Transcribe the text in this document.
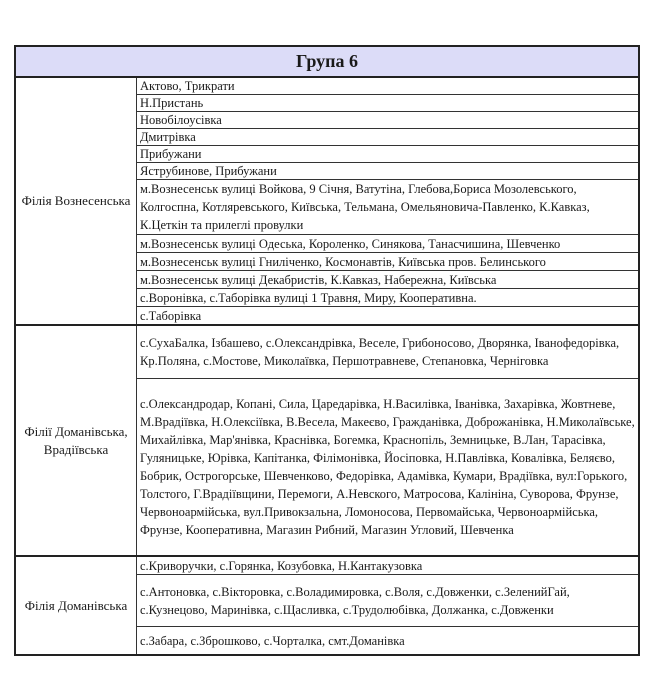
Група 6
Філія Вознесенська
Актово, Трикрати
Н.Пристань
Новобілоусівка
Дмитрівка
Прибужани
Яструбинове, Прибужани
м.Вознесенськ вулиці Войкова, 9 Січня, Ватутіна, Глебова,Бориса Мозолевського, Колгоспна, Котляревського, Київська, Тельмана, Омельяновича-Павленко, К.Кавказ, К.Цеткін та прилеглі провулки
м.Вознесенськ вулиці Одеська, Короленко, Синякова, Танасчишина, Шевченко
м.Вознесенськ вулиці Гниліченко, Космонавтів, Київська пров. Белинського
м.Вознесенськ вулиці Декабристів, К.Кавказ, Набережна, Київська
с.Воронівка, с.Таборівка вулиці 1 Травня, Миру, Кооперативна.
с.Таборівка
Філії Доманівська, Врадіївська
с.СухаБалка, Ізбашево, с.Олександрівка, Веселе, Грибоносово, Дворянка, Іванофедорівка, Кр.Поляна, с.Мостове, Миколаївка, Першотравневе, Степановка, Черніговка
с.Олександродар, Копані, Сила, Царедарівка, Н.Василівка, Іванівка, Захарівка, Жовтневе, М.Врадіївка, Н.Олексіївка, В.Весела, Макеєво, Гражданівка, Доброжанівка, Н.Миколаївське, Михайлівка, Мар'янівка, Краснівка, Богемка, Краснопіль, Земницьке, В.Лан, Тарасівка, Гуляницьке, Юрівка, Капітанка, Філімонівка, Йосіповка, Н.Павлівка, Ковалівка, Беляєво, Бобрик, Острогорське, Шевченково, Федорівка, Адамівка, Кумари, Врадіївка, вул:Горького, Толстого, Г.Врадіївщини, Перемоги, А.Невского, Матросова, Калініна, Суворова, Фрунзе, Червоноармійська, вул.Привокзальна, Ломоносова, Первомайська, Червоноармійська, Фрунзе, Кооперативна, Магазин Рибний, Магазин Угловий, Шевченка
Філія Доманівська
с.Криворучки, с.Горянка, Козубовка, Н.Кантакузовка
с.Антоновка, с.Вікторовка, с.Воладимировка, с.Воля, с.Довженки, с.ЗеленийГай, с.Кузнецово, Маринівка, с.Щасливка, с.Трудолюбівка, Должанка, с.Довженки
с.Забара, с.Зброшково, с.Чорталка, смт.Доманівка
